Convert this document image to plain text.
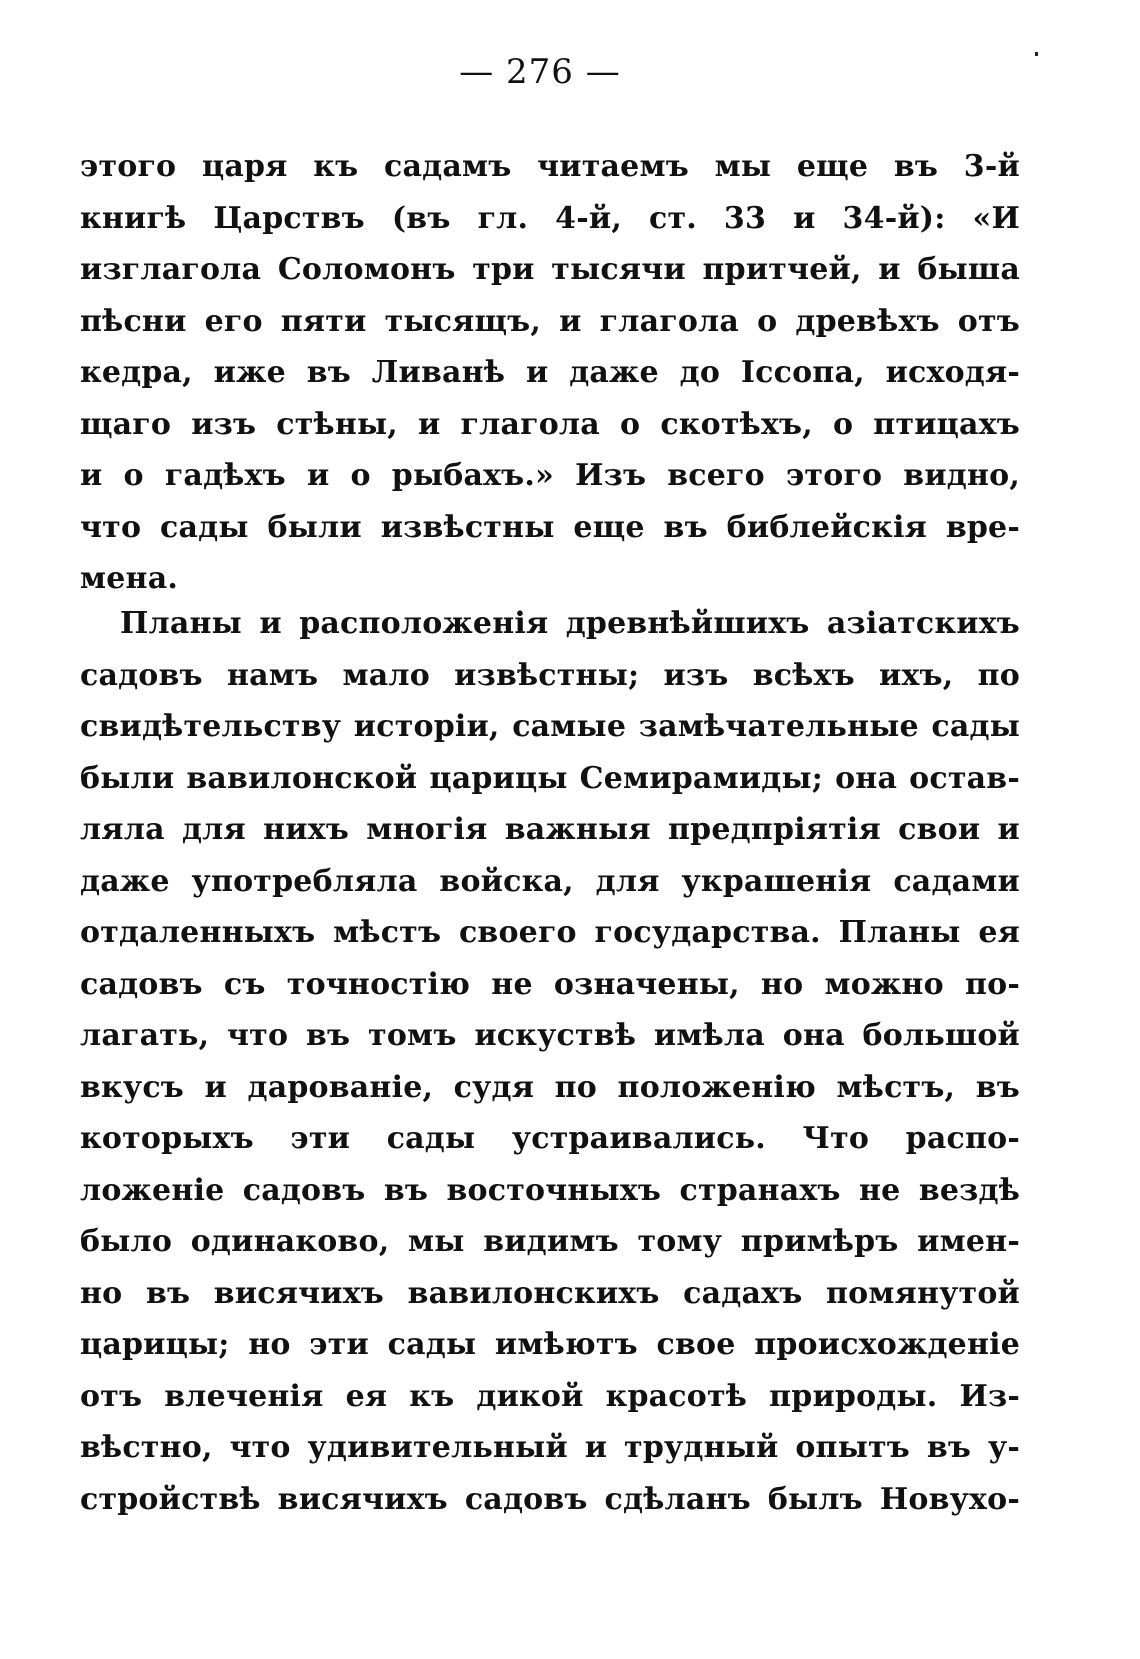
— 276 —
этого царя къ садамъ читаемъ мы еще въ 3-й
книгѣ Царствъ (въ гл. 4-й, ст. 33 и 34-й): «И
изглагола Соломонъ три тысячи притчей, и быша
пѣсни его пяти тысящъ, и глагола о древѣхъ отъ
кедра, иже въ Ливанѣ и даже до Іссопа, исходя-
щаго изъ стѣны, и глагола о скотѣхъ, о птицахъ
и о гадѣхъ и о рыбахъ.» Изъ всего этого видно,
что сады были извѣстны еще въ библейскія вре-
мена.
Планы и расположенія древнѣйшихъ азіатскихъ
садовъ намъ мало извѣстны; изъ всѣхъ ихъ, по
свидѣтельству исторіи, самые замѣчательные сады
были вавилонской царицы Семирамиды; она остав-
ляла для нихъ многія важныя предпріятія свои и
даже употребляла войска, для украшенія садами
отдаленныхъ мѣстъ своего государства. Планы ея
садовъ съ точностію не означены, но можно по-
лагать, что въ томъ искуствѣ имѣла она большой
вкусъ и дарованіе, судя по положенію мѣстъ, въ
которыхъ эти сады устраивались. Что распо-
ложеніе садовъ въ восточныхъ странахъ не вездѣ
было одинаково, мы видимъ тому примѣръ имен-
но въ висячихъ вавилонскихъ садахъ помянутой
царицы; но эти сады имѣютъ свое происхожденіе
отъ влеченія ея къ дикой красотѣ природы. Из-
вѣстно, что удивительный и трудный опытъ въ у-
стройствѣ висячихъ садовъ сдѣланъ былъ Новухо-
